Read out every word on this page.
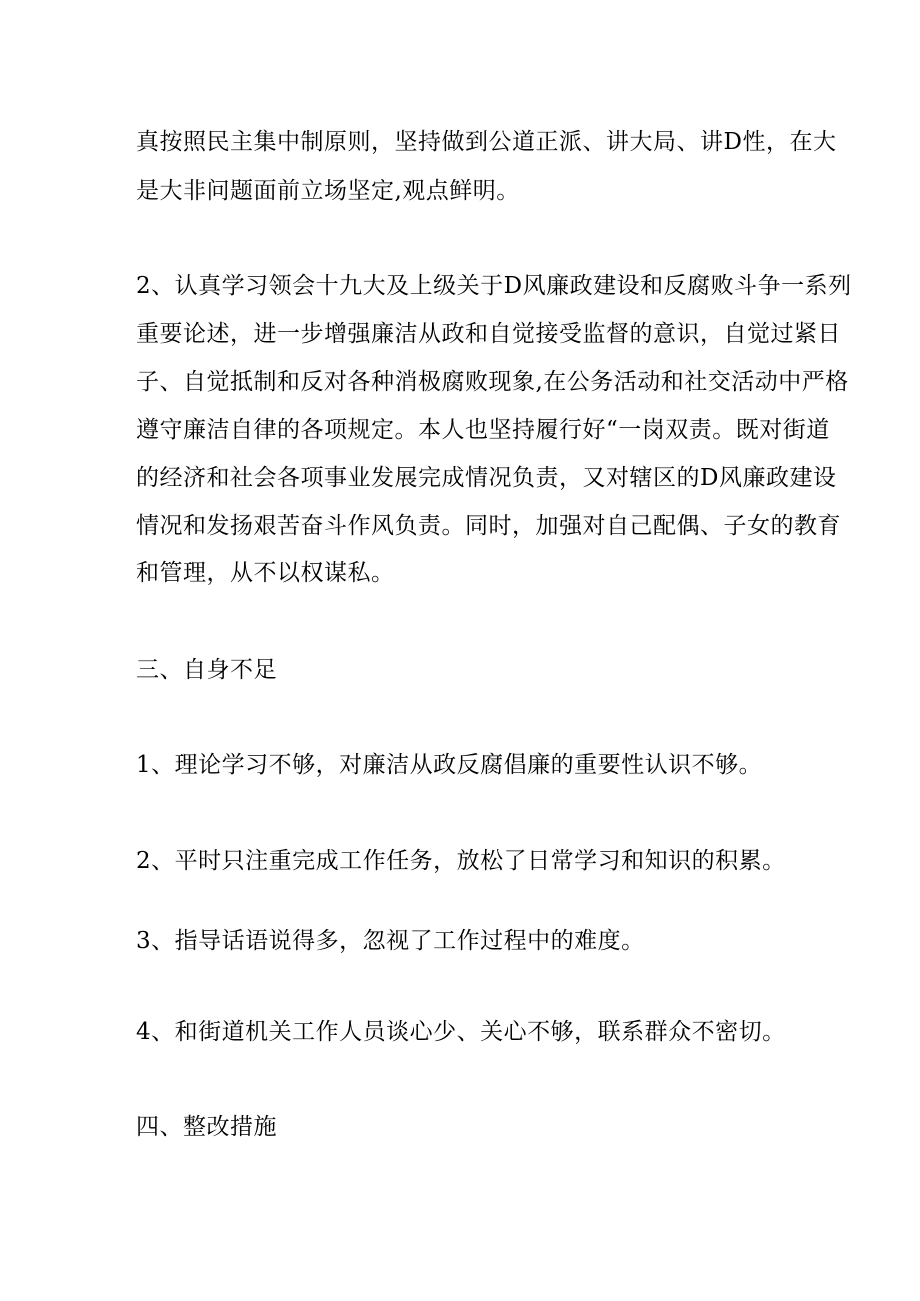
真按照民主集中制原则，坚持做到公道正派、讲大局、讲D性，在大
是大非问题面前立场坚定,观点鲜明。
2、认真学习领会十九大及上级关于D风廉政建设和反腐败斗争一系列
重要论述，进一步增强廉洁从政和自觉接受监督的意识，自觉过紧日
子、自觉抵制和反对各种消极腐败现象,在公务活动和社交活动中严格
遵守廉洁自律的各项规定。本人也坚持履行好“一岗双责。既对街道
的经济和社会各项事业发展完成情况负责，又对辖区的D风廉政建设
情况和发扬艰苦奋斗作风负责。同时，加强对自己配偶、子女的教育
和管理，从不以权谋私。
三、自身不足
1、理论学习不够，对廉洁从政反腐倡廉的重要性认识不够。
2、平时只注重完成工作任务，放松了日常学习和知识的积累。
3、指导话语说得多，忽视了工作过程中的难度。
4、和街道机关工作人员谈心少、关心不够，联系群众不密切。
四、整改措施
